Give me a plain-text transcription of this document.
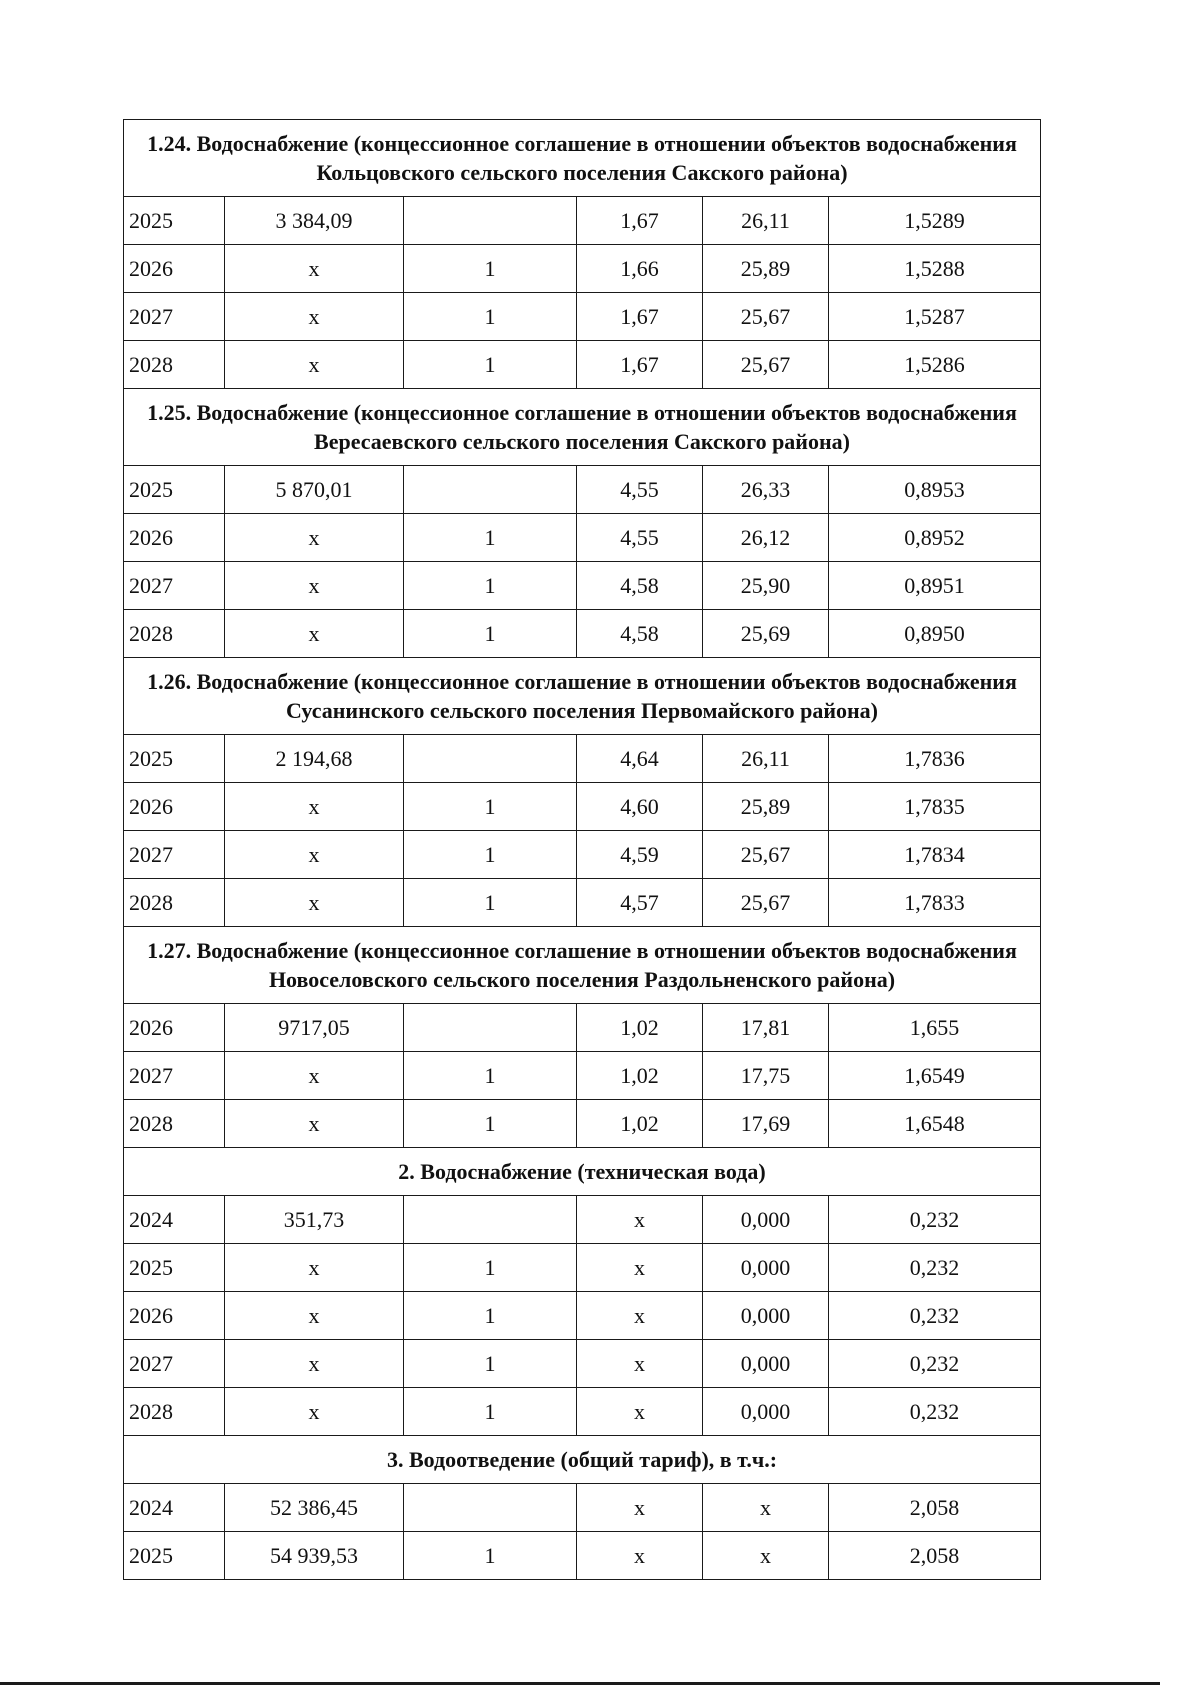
1.24. Водоснабжение (концессионное соглашение в отношении объектов водоснабжения Кольцовского сельского поселения Сакского района)					
2025	3 384,09		1,67	26,11	1,5289
2026	x	1	1,66	25,89	1,5288
2027	x	1	1,67	25,67	1,5287
2028	x	1	1,67	25,67	1,5286
1.25. Водоснабжение (концессионное соглашение в отношении объектов водоснабжения Вересаевского сельского поселения Сакского района)					
2025	5 870,01		4,55	26,33	0,8953
2026	x	1	4,55	26,12	0,8952
2027	x	1	4,58	25,90	0,8951
2028	x	1	4,58	25,69	0,8950
1.26. Водоснабжение (концессионное соглашение в отношении объектов водоснабжения Сусанинского сельского поселения Первомайского района)					
2025	2 194,68		4,64	26,11	1,7836
2026	x	1	4,60	25,89	1,7835
2027	x	1	4,59	25,67	1,7834
2028	x	1	4,57	25,67	1,7833
1.27. Водоснабжение (концессионное соглашение в отношении объектов водоснабжения Новоселовского сельского поселения Раздольненского района)					
2026	9717,05		1,02	17,81	1,655
2027	x	1	1,02	17,75	1,6549
2028	x	1	1,02	17,69	1,6548
2. Водоснабжение (техническая вода)					
2024	351,73		x	0,000	0,232
2025	x	1	x	0,000	0,232
2026	x	1	x	0,000	0,232
2027	x	1	x	0,000	0,232
2028	x	1	x	0,000	0,232
3. Водоотведение (общий тариф), в т.ч.:					
2024	52 386,45		x	x	2,058
2025	54 939,53	1	x	x	2,058
